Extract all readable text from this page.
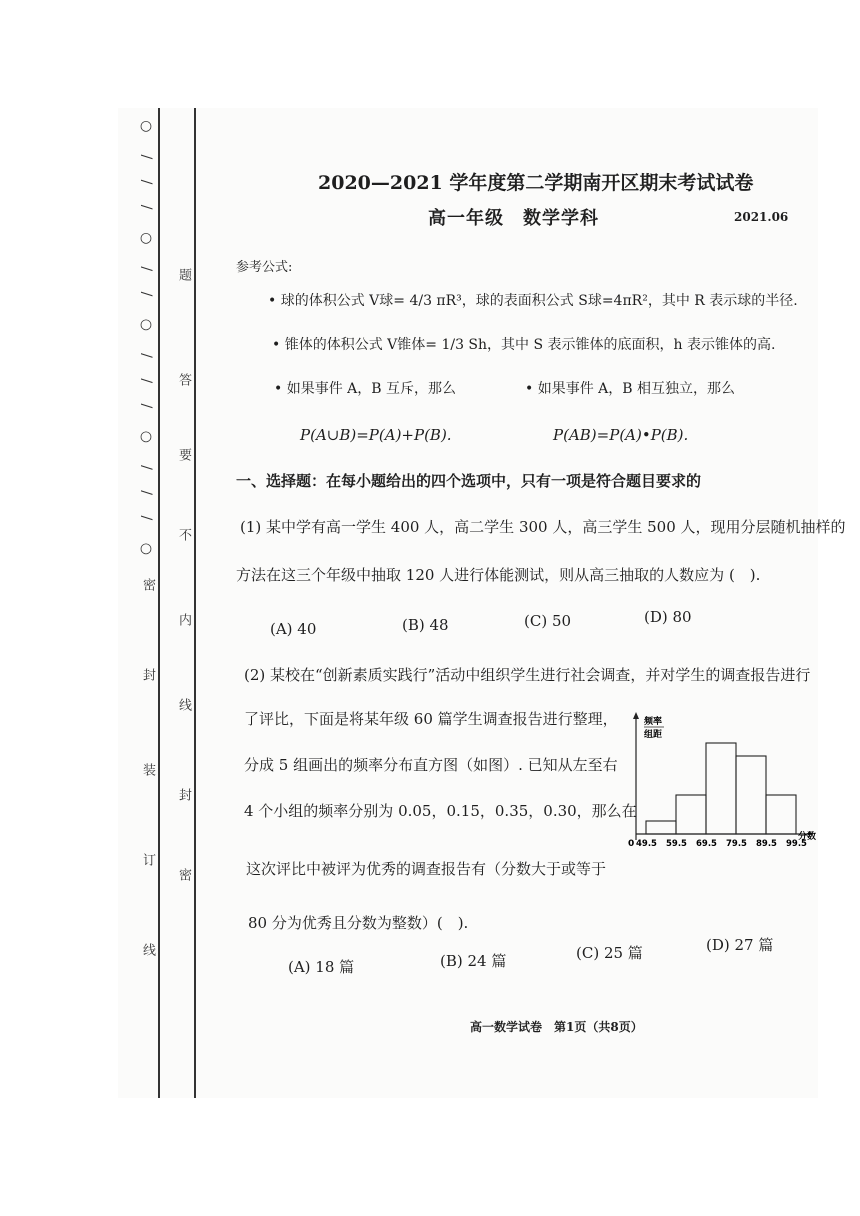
○ / / / ○ / / ○ / / / ○ / / / ○
密
封
装
订
线
题
答
要
不
内
线
封
密
2020—2021 学年度第二学期南开区期末考试试卷
高一年级　数学学科	2021.06
参考公式:
• 球的体积公式 V球= 4/3 πR³，球的表面积公式 S球=4πR²，其中 R 表示球的半径.
• 锥体的体积公式 V锥体= 1/3 Sh，其中 S 表示锥体的底面积，h 表示锥体的高.
• 如果事件 A，B 互斥，那么	• 如果事件 A，B 相互独立，那么
P(A∪B)=P(A)+P(B).	P(AB)=P(A)•P(B).
一、选择题：在每小题给出的四个选项中，只有一项是符合题目要求的
(1) 某中学有高一学生 400 人，高二学生 300 人，高三学生 500 人，现用分层随机抽样的
方法在这三个年级中抽取 120 人进行体能测试，则从高三抽取的人数应为 (　).
(A) 40	(B) 48	(C) 50	(D) 80
(2) 某校在“创新素质实践行”活动中组织学生进行社会调查，并对学生的调查报告进行
了评比，下面是将某年级 60 篇学生调查报告进行整理，
分成 5 组画出的频率分布直方图（如图）. 已知从左至右
4 个小组的频率分别为 0.05，0.15，0.35，0.30，那么在
这次评比中被评为优秀的调查报告有（分数大于或等于
80 分为优秀且分数为整数）(　).
(A) 18 篇	(B) 24 篇	(C) 25 篇	(D) 27 篇
49.5 59.5 69.5 79.5 89.5 99.5
频率
组距
0
分数
高一数学试卷　第1页（共8页）
